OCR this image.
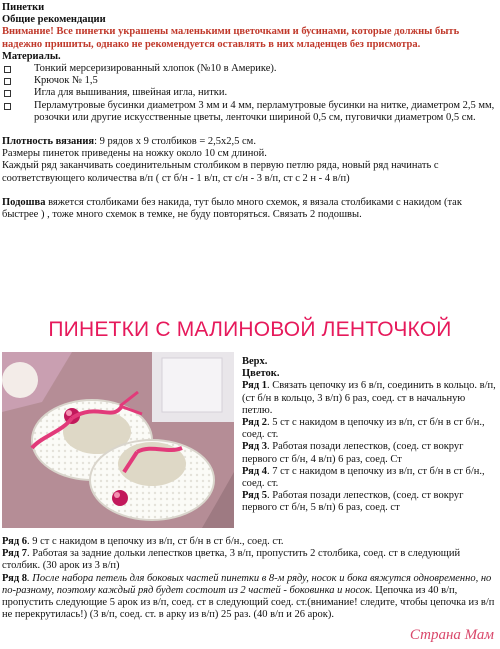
Пинетки
Общие рекомендации
Внимание! Все пинетки украшены маленькими цветочками и бусинами, которые должны быть надежно пришиты, однако не рекомендуется оставлять в них младенцев без присмотра.
Материалы.
Тонкий мерсеризированный хлопок (№10 в Америке).
Крючок № 1,5
Игла для вышивания, швейная игла, нитки.
Перламутровые бусинки диаметром 3 мм и 4 мм, перламутровые бусинки на нитке, диаметром 2,5 мм, розочки или другие искусственные цветы, ленточки шириной 0,5 см, пуговички диаметром 0,5 см.
Плотность вязания: 9 рядов х 9 столбиков = 2,5х2,5 см.
Размеры пинеток приведены на ножку около 10 см длиной.
Каждый ряд заканчивать соединительным столбиком в первую петлю ряда, новый ряд начинать с соответствующего количества в/п ( ст б/н - 1 в/п, ст с/н - 3 в/п, ст с 2 н - 4 в/п)
Подошва вяжется столбиками без накида, тут было много схемок, я вязала столбиками с накидом (так быстрее ) , тоже много схемок в темке, не буду повторяться. Связать 2 подошвы.
ПИНЕТКИ С МАЛИНОВОЙ ЛЕНТОЧКОЙ
Верх.
Цветок.
Ряд 1. Связать цепочку из 6 в/п, соединить в кольцо. в/п, (ст б/н в кольцо, 3 в/п) 6 раз, соед. ст в начальную петлю.
Ряд 2. 5 ст с накидом в цепочку из в/п, ст б/н в ст б/н., соед. ст.
Ряд 3. Работая позади лепестков, (соед. ст вокруг первого ст б/н, 4 в/п) 6 раз, соед. Ст
Ряд 4. 7 ст с накидом в цепочку из в/п, ст б/н в ст б/н., соед. ст.
Ряд 5. Работая позади лепестков, (соед. ст вокруг первого ст б/н, 5 в/п) 6 раз, соед. ст
Ряд 6. 9 ст с накидом в цепочку из в/п, ст б/н в ст б/н., соед. ст.
Ряд 7. Работая за задние дольки лепестков цветка, 3 в/п, пропустить 2 столбика, соед. ст в следующий столбик. (30 арок из 3 в/п)
Ряд 8. После набора петель для боковых частей пинетки в 8-м ряду, носок и бока вяжутся одновременно, но по-разному, поэтому каждый ряд будет состоит из 2 частей - боковинка и носок. Цепочка из 40 в/п, пропустить следующие 5 арок из в/п, соед. ст в следующий соед. ст.(внимание! следите, чтобы цепочка из в/п не перекрутилась!) (3 в/п, соед. ст. в арку из в/п) 25 раз. (40 в/п и 26 арок).
Страна Мам
